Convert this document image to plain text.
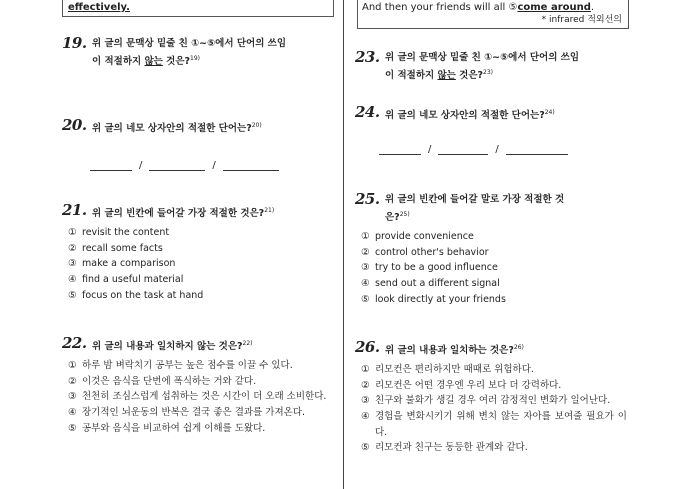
effectively.	And then your friends will all ⑤come around.
* infrared 적외선의
19. 위 글의 문맥상 밑줄 친 ①~⑤에서 단어의 쓰임
이 적절하지 않는 것은?$^{19)}$
20. 위 글의 네모 상자안의 적절한 단어는?$^{20)}$
/	/
21. 위 글의 빈칸에 들어갈 가장 적절한 것은?$^{21)}$
① revisit the content
② recall some facts
③ make a comparison
④ find a useful material
⑤ focus on the task at hand
22. 위 글의 내용과 일치하지 않는 것은?$^{22)}$
① 하루 밤 벼락치기 공부는 높은 점수를 이끌 수 있다.
② 이것은 음식을 단번에 폭식하는 거와 같다.
③ 천천히 조심스럽게 섭취하는 것은 시간이 더 오래 소비한다.
④ 장기적인 뇌운동의 반복은 결국 좋은 결과를 가져온다.
⑤ 공부와 음식을 비교하여 쉽게 이해를 도왔다.
23. 위 글의 문맥상 밑줄 친 ①~⑤에서 단어의 쓰임
이 적절하지 않는 것은?$^{23)}$
24. 위 글의 네모 상자안의 적절한 단어는?$^{24)}$
/	/
25. 위 글의 빈칸에 들어갈 말로 가장 적절한 것
은?$^{25)}$
① provide convenience
② control other's behavior
③ try to be a good influence
④ send out a different signal
⑤ look directly at your friends
26. 위 글의 내용과 일치하는 것은?$^{26)}$
① 리모컨은 편리하지만 때때로 위험하다.
② 리모컨은 어떤 경우엔 우리 보다 더 강력하다.
③ 친구와 불화가 생길 경우 여러 감정적인 변화가 일어난다.
④ 경험을 변화시키기 위해 변치 않는 자아를 보여줄 필요가 이다.
⑤ 리모컨과 친구는 동등한 관계와 같다.
